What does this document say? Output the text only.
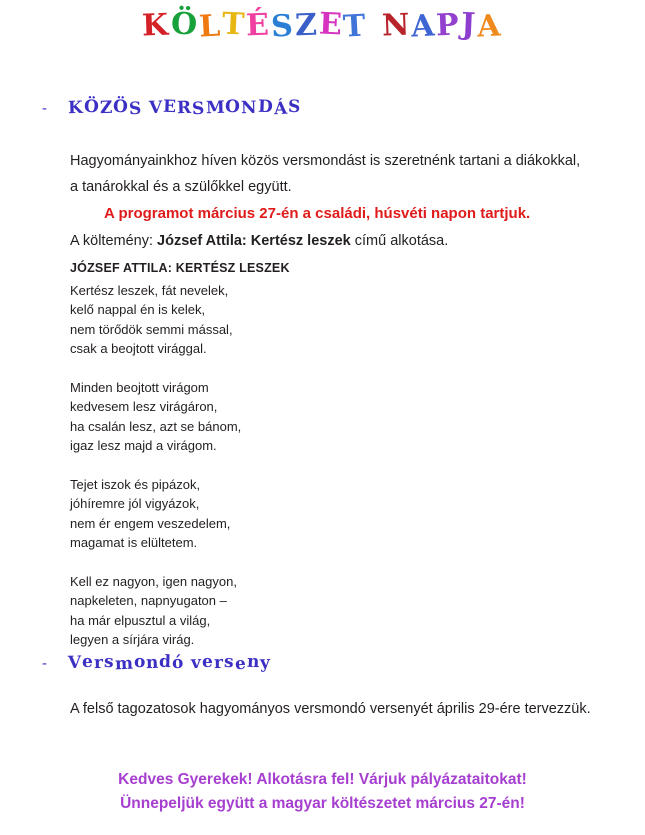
KÖLTÉSZET NAPJA
-	KÖZÖS VERSMONDÁS

Hagyományainkhoz híven közös versmondást is szeretnénk tartani a diákokkal,

a tanárokkal és a szülőkkel együtt.

A programot március 27-én a családi, húsvéti napon tartjuk.

A költemény: József Attila: Kertész leszek című alkotása.

JÓZSEF ATTILA: KERTÉSZ LESZEK

Kertész leszek, fát nevelek,

kelő nappal én is kelek,

nem törődök semmi mással,

csak a beojtott virággal.

Minden beojtott virágom

kedvesem lesz virágáron,

ha csalán lesz, azt se bánom,

igaz lesz majd a virágom.

Tejet iszok és pipázok,

jóhíremre jól vigyázok,

nem ér engem veszedelem,

magamat is elültetem.

Kell ez nagyon, igen nagyon,

napkeleten, napnyugaton –

ha már elpusztul a világ,

legyen a sírjára virág.

-	Versmondó verseny

A felső tagozatosok hagyományos versmondó versenyét április 29-ére tervezzük.

Kedves Gyerekek! Alkotásra fel! Várjuk pályázataitokat!

Ünnepeljük együtt a magyar költészetet március 27-én!
